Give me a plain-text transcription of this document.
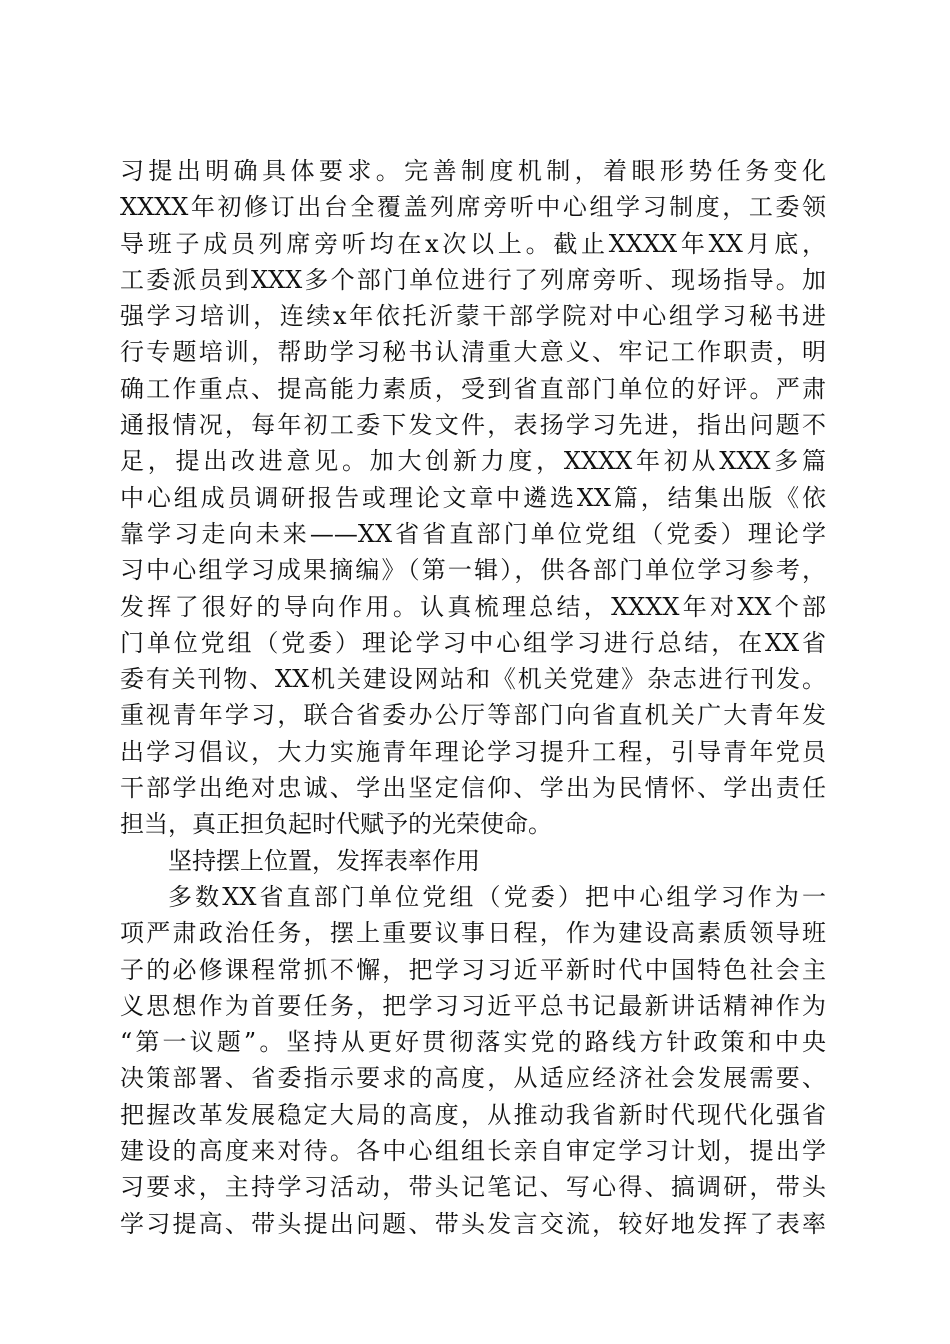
习提出明确具体要求。完善制度机制，着眼形势任务变化
XXXX年初修订出台全覆盖列席旁听中心组学习制度，工委领
导班子成员列席旁听均在x次以上。截止XXXX年XX月底，
工委派员到XXX多个部门单位进行了列席旁听、现场指导。加
强学习培训，连续x年依托沂蒙干部学院对中心组学习秘书进
行专题培训，帮助学习秘书认清重大意义、牢记工作职责，明
确工作重点、提高能力素质，受到省直部门单位的好评。严肃
通报情况，每年初工委下发文件，表扬学习先进，指出问题不
足，提出改进意见。加大创新力度，XXXX年初从XXX多篇
中心组成员调研报告或理论文章中遴选XX篇，结集出版《依
靠学习走向未来——XX省省直部门单位党组（党委）理论学
习中心组学习成果摘编》（第一辑），供各部门单位学习参考，
发挥了很好的导向作用。认真梳理总结，XXXX年对XX个部
门单位党组（党委）理论学习中心组学习进行总结，在XX省
委有关刊物、XX机关建设网站和《机关党建》杂志进行刊发。
重视青年学习，联合省委办公厅等部门向省直机关广大青年发
出学习倡议，大力实施青年理论学习提升工程，引导青年党员
干部学出绝对忠诚、学出坚定信仰、学出为民情怀、学出责任
担当，真正担负起时代赋予的光荣使命。
坚持摆上位置，发挥表率作用
多数XX省直部门单位党组（党委）把中心组学习作为一
项严肃政治任务，摆上重要议事日程，作为建设高素质领导班
子的必修课程常抓不懈，把学习习近平新时代中国特色社会主
义思想作为首要任务，把学习习近平总书记最新讲话精神作为
“第一议题”。坚持从更好贯彻落实党的路线方针政策和中央
决策部署、省委指示要求的高度，从适应经济社会发展需要、
把握改革发展稳定大局的高度，从推动我省新时代现代化强省
建设的高度来对待。各中心组组长亲自审定学习计划，提出学
习要求，主持学习活动，带头记笔记、写心得、搞调研，带头
学习提高、带头提出问题、带头发言交流，较好地发挥了表率
